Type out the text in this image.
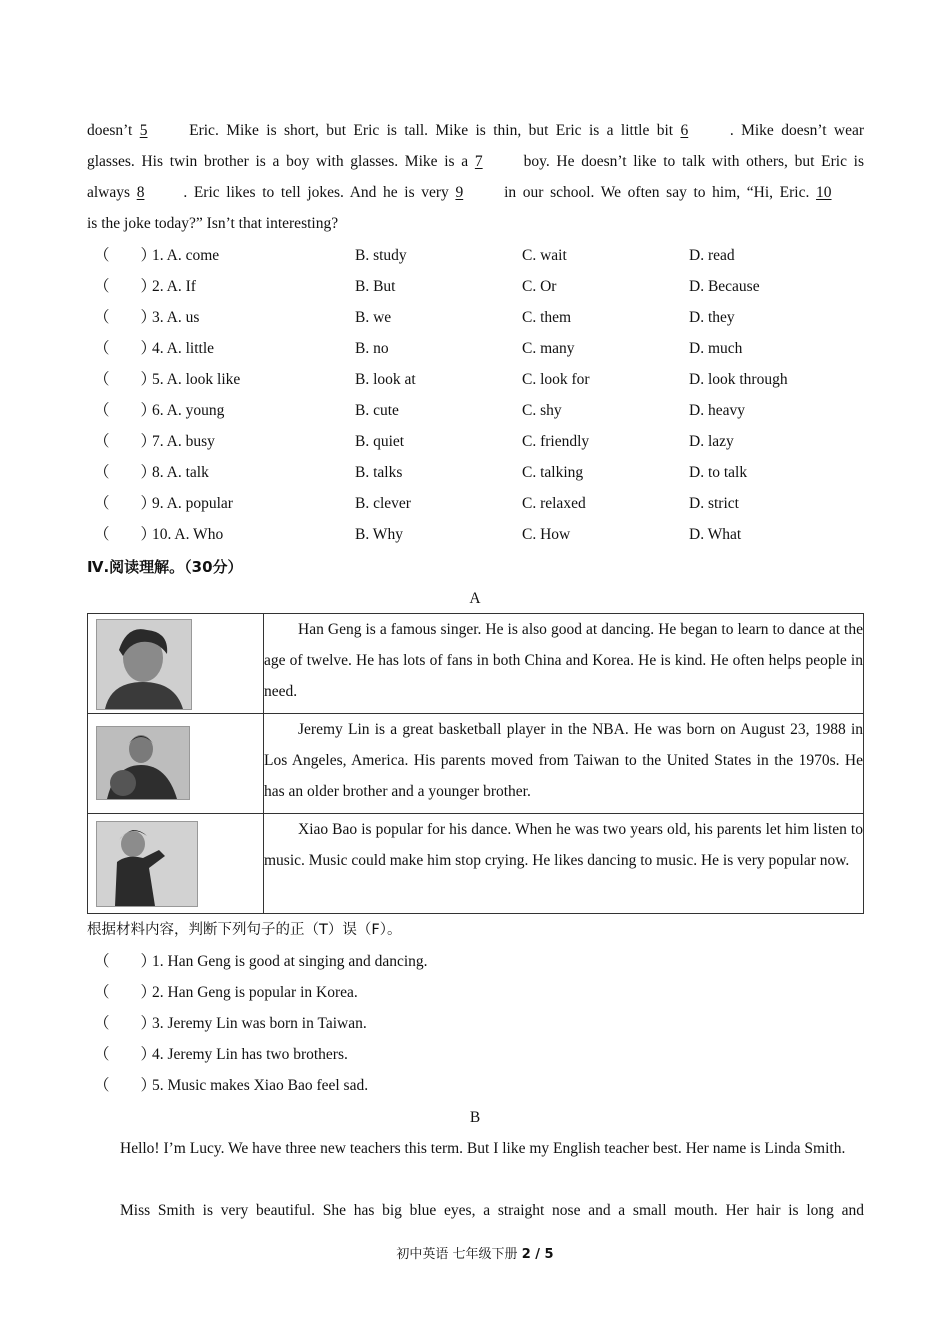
doesn’t 5	Eric. Mike is short, but Eric is tall. Mike is thin, but Eric is a little bit 6	. Mike doesn’t wear
glasses. His twin brother is a boy with glasses. Mike is a 7	boy. He doesn’t like to talk with others, but Eric is
always 8	. Eric likes to tell jokes. And he is very 9	in our school. We often say to him, “Hi, Eric. 10
is the joke today?” Isn’t that interesting?
（　　）
1. A. come	B. study	C. wait	D. read
（　　）
2. A. If	B. But	C. Or	D. Because
（　　）
3. A. us	B. we	C. them	D. they
（　　）
4. A. little	B. no	C. many	D. much
（　　）
5. A. look like	B. look at	C. look for	D. look through
（　　）
6. A. young	B. cute	C. shy	D. heavy
（　　）
7. A. busy	B. quiet	C. friendly	D. lazy
（　　）
8. A. talk	B. talks	C. talking	D. to talk
（　　）
9. A. popular	B. clever	C. relaxed	D. strict
（　　）
10. A. Who	B. Why	C. How	D. What
Ⅳ.阅读理解。（30分）
A

Han Geng is a famous singer. He is also good at dancing. He began to learn to dance at the age of twelve. He has lots of fans in both China and Korea. He is kind. He often helps people in need.

Jeremy Lin is a great basketball player in the NBA. He was born on August 23, 1988 in Los Angeles, America. His parents moved from Taiwan to the United States in the 1970s. He has an older brother and a younger brother.

Xiao Bao is popular for his dance. When he was two years old, his parents let him listen to music. Music could make him stop crying. He likes dancing to music. He is very popular now.

根据材料内容，判断下列句子的正（T）误（F）。
（　　）
1. Han Geng is good at singing and dancing.
（　　）
2. Han Geng is popular in Korea.
（　　）
3. Jeremy Lin was born in Taiwan.
（　　）
4. Jeremy Lin has two brothers.
（　　）
5. Music makes Xiao Bao feel sad.
B
Hello! I’m Lucy. We have three new teachers this term. But I like my English teacher best. Her name is Linda Smith.
Miss Smith is very beautiful. She has big blue eyes, a straight nose and a small mouth. Her hair is long and
初中英语 七年级下册 2 / 5
